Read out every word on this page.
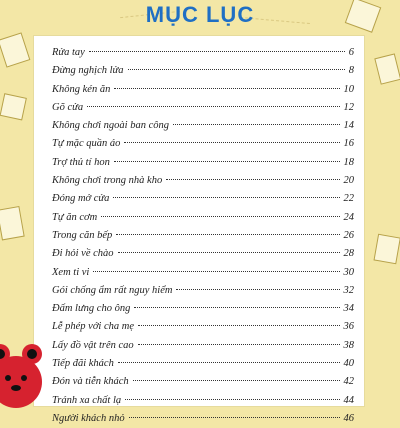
MỤC LỤC
Rửa tay	6
Đừng nghịch lửa	8
Không kén ăn	10
Gõ cửa	12
Không chơi ngoài ban công	14
Tự mặc quần áo	16
Trợ thủ tí hon	18
Không chơi trong nhà kho	20
Đóng mở cửa	22
Tự ăn cơm	24
Trong căn bếp	26
Đi hỏi về chào	28
Xem ti vi	30
Gói chống ẩm rất nguy hiểm	32
Đấm lưng cho ông	34
Lễ phép với cha mẹ	36
Lấy đồ vật trên cao	38
Tiếp đãi khách	40
Đón và tiễn khách	42
Tránh xa chất lạ	44
Người khách nhỏ	46
